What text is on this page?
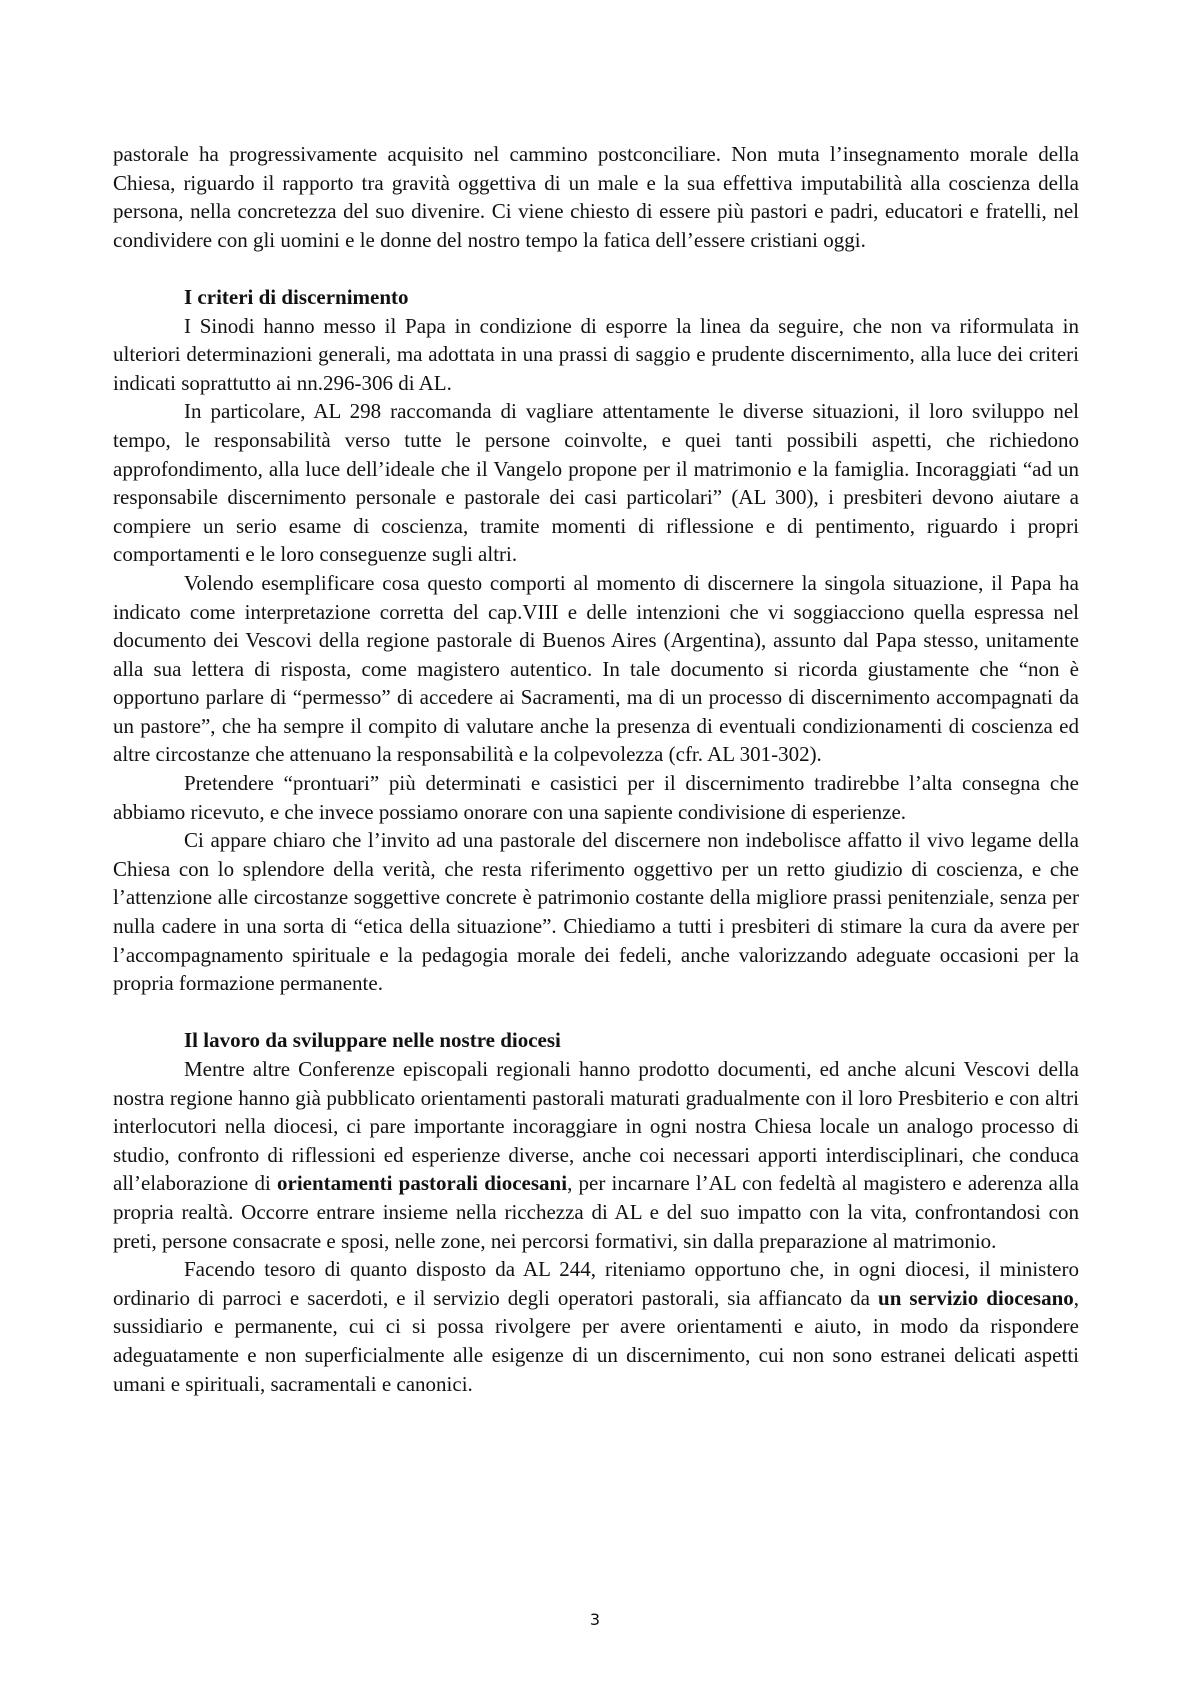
pastorale ha progressivamente acquisito nel cammino postconciliare. Non muta l’insegnamento morale della Chiesa, riguardo il rapporto tra gravità oggettiva di un male e la sua effettiva imputabilità alla coscienza della persona, nella concretezza del suo divenire. Ci viene chiesto di essere più pastori e padri, educatori e fratelli, nel condividere con gli uomini e le donne del nostro tempo la fatica dell’essere cristiani oggi.

I criteri di discernimento

I Sinodi hanno messo il Papa in condizione di esporre la linea da seguire, che non va riformulata in ulteriori determinazioni generali, ma adottata in una prassi di saggio e prudente discernimento, alla luce dei criteri indicati soprattutto ai nn.296-306 di AL.

In particolare, AL 298 raccomanda di vagliare attentamente le diverse situazioni, il loro sviluppo nel tempo, le responsabilità verso tutte le persone coinvolte, e quei tanti possibili aspetti, che richiedono approfondimento, alla luce dell’ideale che il Vangelo propone per il matrimonio e la famiglia. Incoraggiati “ad un responsabile discernimento personale e pastorale dei casi particolari” (AL 300), i presbiteri devono aiutare a compiere un serio esame di coscienza, tramite momenti di riflessione e di pentimento, riguardo i propri comportamenti e le loro conseguenze sugli altri.

Volendo esemplificare cosa questo comporti al momento di discernere la singola situazione, il Papa ha indicato come interpretazione corretta del cap.VIII e delle intenzioni che vi soggiacciono quella espressa nel documento dei Vescovi della regione pastorale di Buenos Aires (Argentina), assunto dal Papa stesso, unitamente alla sua lettera di risposta, come magistero autentico. In tale documento si ricorda giustamente che “non è opportuno parlare di “permesso” di accedere ai Sacramenti, ma di un processo di discernimento accompagnati da un pastore”, che ha sempre il compito di valutare anche la presenza di eventuali condizionamenti di coscienza ed altre circostanze che attenuano la responsabilità e la colpevolezza (cfr. AL 301-302).

Pretendere “prontuari” più determinati e casistici per il discernimento tradirebbe l’alta consegna che abbiamo ricevuto, e che invece possiamo onorare con una sapiente condivisione di esperienze.

Ci appare chiaro che l’invito ad una pastorale del discernere non indebolisce affatto il vivo legame della Chiesa con lo splendore della verità, che resta riferimento oggettivo per un retto giudizio di coscienza, e che l’attenzione alle circostanze soggettive concrete è patrimonio costante della migliore prassi penitenziale, senza per nulla cadere in una sorta di “etica della situazione”. Chiediamo a tutti i presbiteri di stimare la cura da avere per l’accompagnamento spirituale e la pedagogia morale dei fedeli, anche valorizzando adeguate occasioni per la propria formazione permanente.

Il lavoro da sviluppare nelle nostre diocesi

Mentre altre Conferenze episcopali regionali hanno prodotto documenti, ed anche alcuni Vescovi della nostra regione hanno già pubblicato orientamenti pastorali maturati gradualmente con il loro Presbiterio e con altri interlocutori nella diocesi, ci pare importante incoraggiare in ogni nostra Chiesa locale un analogo processo di studio, confronto di riflessioni ed esperienze diverse, anche coi necessari apporti interdisciplinari, che conduca all’elaborazione di orientamenti pastorali diocesani, per incarnare l’AL con fedeltà al magistero e aderenza alla propria realtà. Occorre entrare insieme nella ricchezza di AL e del suo impatto con la vita, confrontandosi con preti, persone consacrate e sposi, nelle zone, nei percorsi formativi, sin dalla preparazione al matrimonio.

Facendo tesoro di quanto disposto da AL 244, riteniamo opportuno che, in ogni diocesi, il ministero ordinario di parroci e sacerdoti, e il servizio degli operatori pastorali, sia affiancato da un servizio diocesano, sussidiario e permanente, cui ci si possa rivolgere per avere orientamenti e aiuto, in modo da rispondere adeguatamente e non superficialmente alle esigenze di un discernimento, cui non sono estranei delicati aspetti umani e spirituali, sacramentali e canonici.

3
